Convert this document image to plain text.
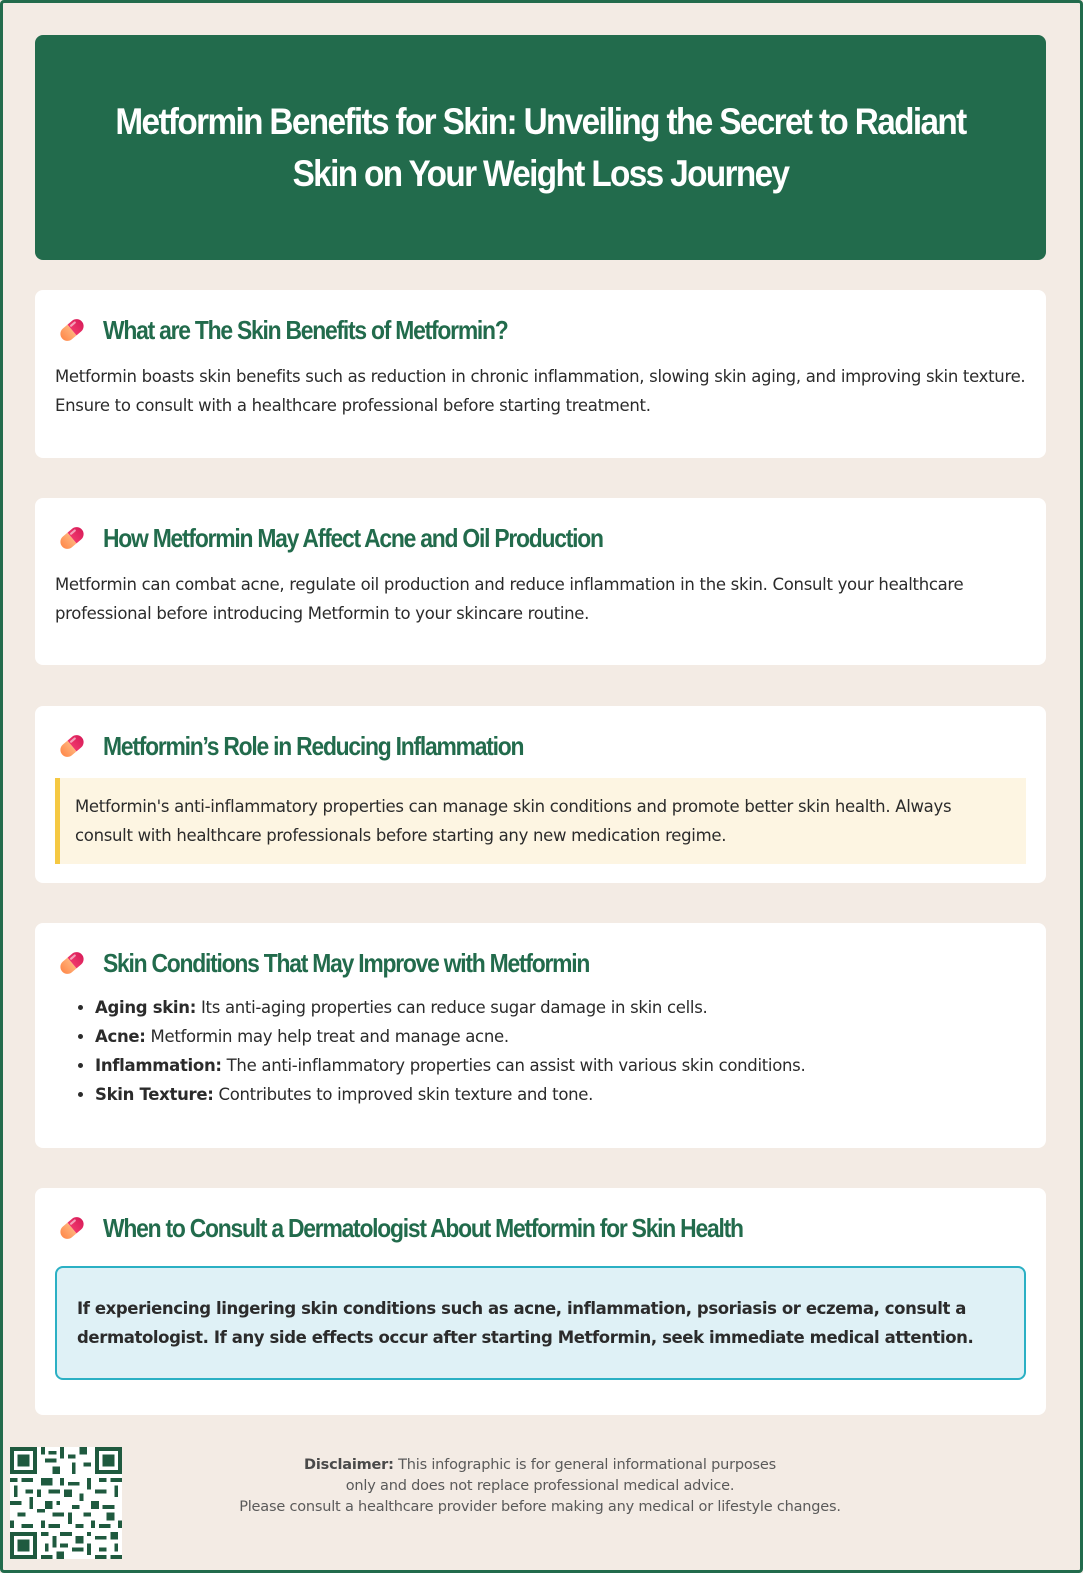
Metformin Benefits for Skin: Unveiling the Secret to Radiant Skin on Your Weight Loss Journey
What are The Skin Benefits of Metformin?

Metformin boasts skin benefits such as reduction in chronic inflammation, slowing skin aging, and improving skin texture. Ensure to consult with a healthcare professional before starting treatment.

How Metformin May Affect Acne and Oil Production

Metformin can combat acne, regulate oil production and reduce inflammation in the skin. Consult your healthcare professional before introducing Metformin to your skincare routine.

Metformin’s Role in Reducing Inflammation
Metformin's anti-inflammatory properties can manage skin conditions and promote better skin health. Always consult with healthcare professionals before starting any new medication regime.
Skin Conditions That May Improve with Metformin
• Aging skin: Its anti-aging properties can reduce sugar damage in skin cells.
• Acne: Metformin may help treat and manage acne.
• Inflammation: The anti-inflammatory properties can assist with various skin conditions.
• Skin Texture: Contributes to improved skin texture and tone.
When to Consult a Dermatologist About Metformin for Skin Health
If experiencing lingering skin conditions such as acne, inflammation, psoriasis or eczema, consult a dermatologist. If any side effects occur after starting Metformin, seek immediate medical attention.
Disclaimer: This infographic is for general informational purposes
only and does not replace professional medical advice.
Please consult a healthcare provider before making any medical or lifestyle changes.
